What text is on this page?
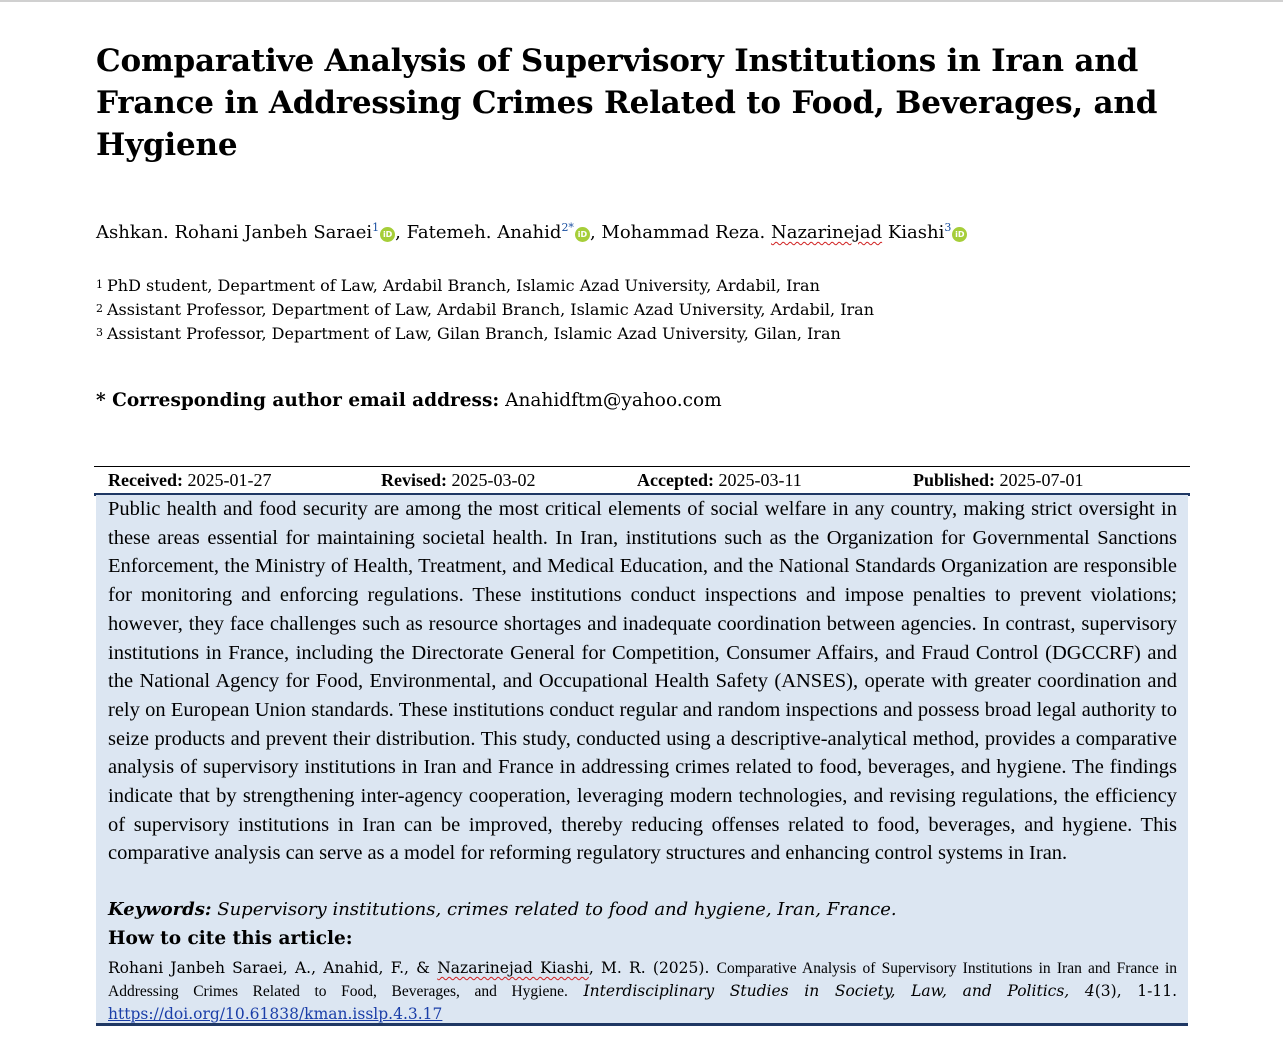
Comparative Analysis of Supervisory Institutions in Iran and France in Addressing Crimes Related to Food, Beverages, and Hygiene
Ashkan. Rohani Janbeh Saraei$^1$iD , Fatemeh. Anahid$^{2*}$iD , Mohammad Reza. Nazarinejad Kiashi$^3$iD
1 PhD student, Department of Law, Ardabil Branch, Islamic Azad University, Ardabil, Iran
2 Assistant Professor, Department of Law, Ardabil Branch, Islamic Azad University, Ardabil, Iran
3 Assistant Professor, Department of Law, Gilan Branch, Islamic Azad University, Gilan, Iran
* Corresponding author email address: Anahidftm@yahoo.com
Received: 2025-01-27	Revised: 2025-03-02	Accepted: 2025-03-11	Published: 2025-07-01
Public health and food security are among the most critical elements of social welfare in any country, making strict oversight in these areas essential for maintaining societal health. In Iran, institutions such as the Organization for Governmental Sanctions Enforcement, the Ministry of Health, Treatment, and Medical Education, and the National Standards Organization are responsible for monitoring and enforcing regulations. These institutions conduct inspections and impose penalties to prevent violations; however, they face challenges such as resource shortages and inadequate coordination between agencies. In contrast, supervisory institutions in France, including the Directorate General for Competition, Consumer Affairs, and Fraud Control (DGCCRF) and the National Agency for Food, Environmental, and Occupational Health Safety (ANSES), operate with greater coordination and rely on European Union standards. These institutions conduct regular and random inspections and possess broad legal authority to seize products and prevent their distribution. This study, conducted using a descriptive-analytical method, provides a comparative analysis of supervisory institutions in Iran and France in addressing crimes related to food, beverages, and hygiene. The findings indicate that by strengthening inter-agency cooperation, leveraging modern technologies, and revising regulations, the efficiency of supervisory institutions in Iran can be improved, thereby reducing offenses related to food, beverages, and hygiene. This comparative analysis can serve as a model for reforming regulatory structures and enhancing control systems in Iran.
Keywords: Supervisory institutions, crimes related to food and hygiene, Iran, France.
How to cite this article:
Rohani Janbeh Saraei, A., Anahid, F., & Nazarinejad Kiashi, M. R. (2025). Comparative Analysis of Supervisory Institutions in Iran and France in Addressing Crimes Related to Food, Beverages, and Hygiene. Interdisciplinary Studies in Society, Law, and Politics, 4(3), 1-11. https://doi.org/10.61838/kman.isslp.4.3.17
